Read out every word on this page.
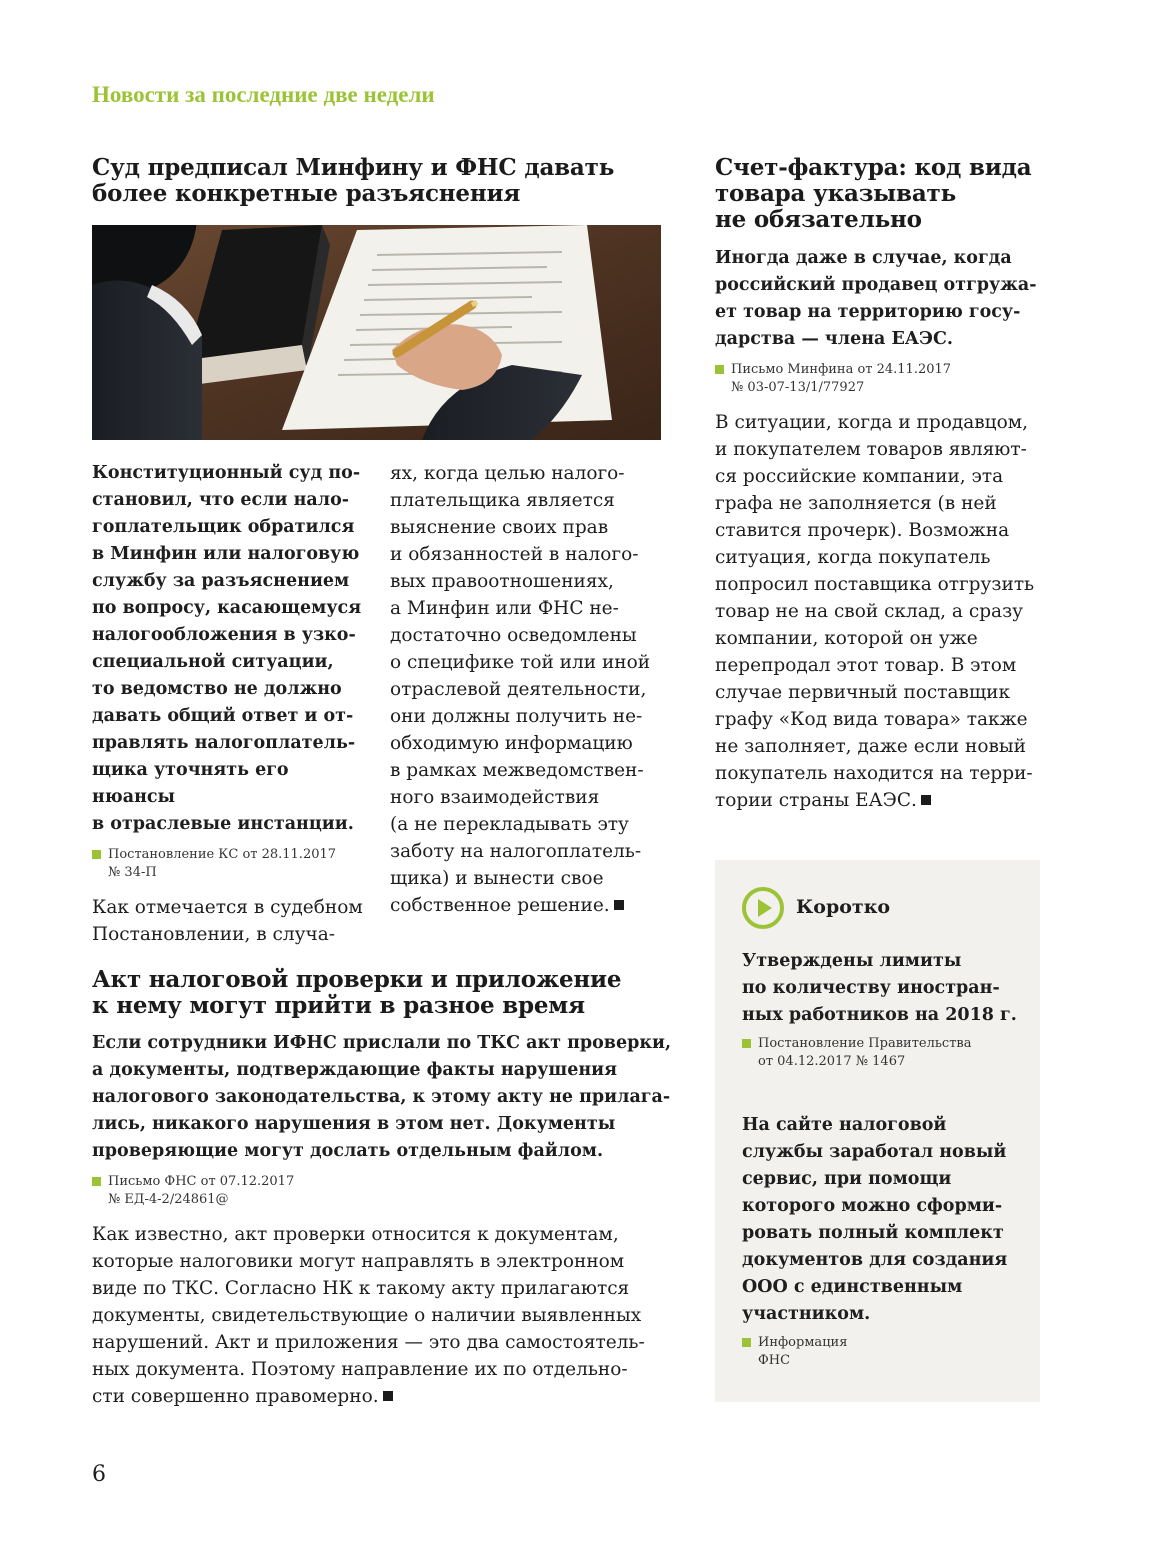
Новости за последние две недели

Суд предписал Минфину и ФНС давать
более конкретные разъяснения

Конституционный суд по-
становил, что если нало-
гоплательщик обратился
в Минфин или налоговую
службу за разъяснением
по вопросу, касающемуся
налогообложения в узко-
специальной ситуации,
то ведомство не должно
давать общий ответ и от-
правлять налогоплатель-
щика уточнять его нюансы
в отраслевые инстанции.

Постановление КС от 28.11.2017
№ 34-П

Как отмечается в судебном
Постановлении, в случа-

ях, когда целью налого-
плательщика является
выяснение своих прав
и обязанностей в налого-
вых правоотношениях,
а Минфин или ФНС не-
достаточно осведомлены
о специфике той или иной
отраслевой деятельности,
они должны получить не-
обходимую информацию
в рамках межведомствен-
ного взаимодействия
(а не перекладывать эту
заботу на налогоплатель-
щика) и вынести свое
собственное решение.

Акт налоговой проверки и приложение
к нему могут прийти в разное время

Если сотрудники ИФНС прислали по ТКС акт проверки,
а документы, подтверждающие факты нарушения
налогового законодательства, к этому акту не прилага-
лись, никакого нарушения в этом нет. Документы
проверяющие могут дослать отдельным файлом.

Письмо ФНС от 07.12.2017
№ ЕД-4-2/24861@

Как известно, акт проверки относится к документам,
которые налоговики могут направлять в электронном
виде по ТКС. Согласно НК к такому акту прилагаются
документы, свидетельствующие о наличии выявленных
нарушений. Акт и приложения — это два самостоятель-
ных документа. Поэтому направление их по отдельно-
сти совершенно правомерно.

Счет-фактура: код вида
товара указывать
не обязательно

Иногда даже в случае, когда
российский продавец отгружа-
ет товар на территорию госу-
дарства — члена ЕАЭС.

Письмо Минфина от 24.11.2017
№ 03-07-13/1/77927

В ситуации, когда и продавцом,
и покупателем товаров являют-
ся российские компании, эта
графа не заполняется (в ней
ставится прочерк). Возможна
ситуация, когда покупатель
попросил поставщика отгрузить
товар не на свой склад, а сразу
компании, которой он уже
перепродал этот товар. В этом
случае первичный поставщик
графу «Код вида товара» также
не заполняет, даже если новый
покупатель находится на терри-
тории страны ЕАЭС.

Коротко

Утверждены лимиты
по количеству иностран-
ных работников на 2018 г.

Постановление Правительства
от 04.12.2017 № 1467

На сайте налоговой
службы заработал новый
сервис, при помощи
которого можно сформи-
ровать полный комплект
документов для создания
ООО с единственным
участником.

Информация
ФНС

6
